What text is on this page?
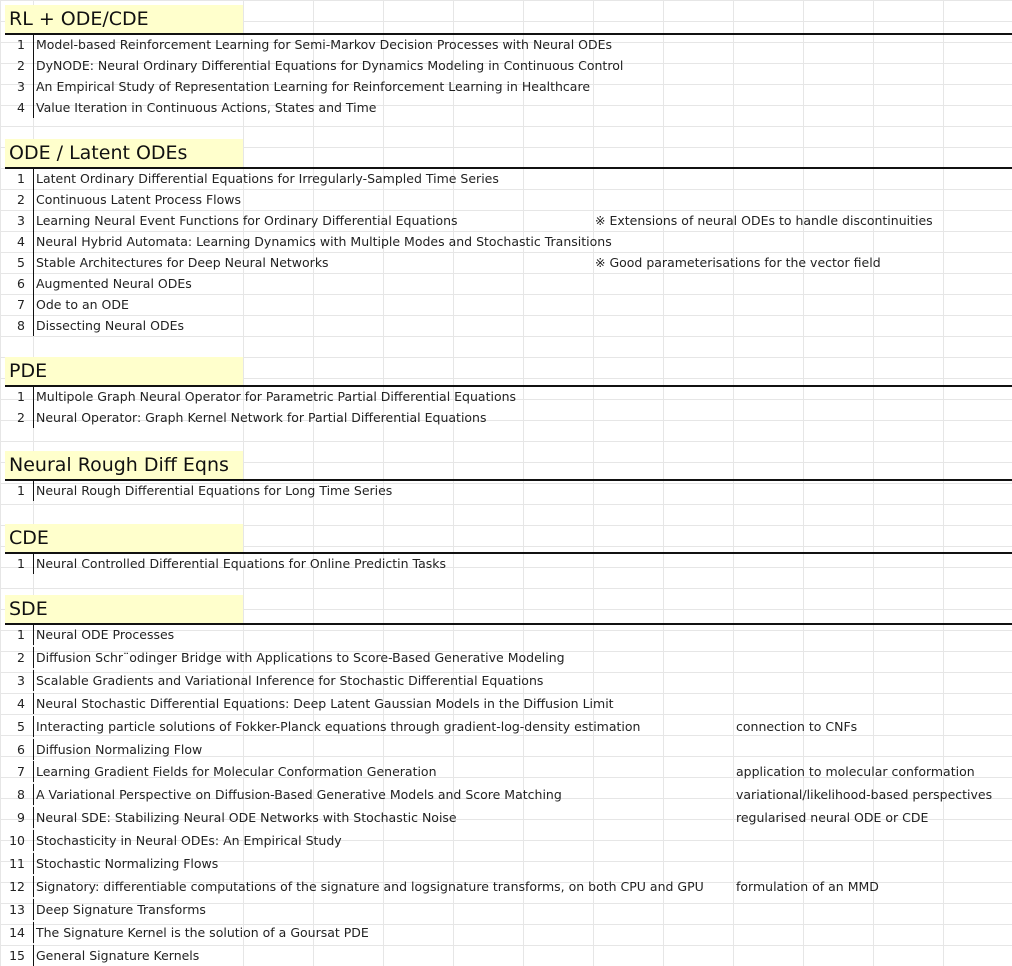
RL + ODE/CDE
1 Model-based Reinforcement Learning for Semi-Markov Decision Processes with Neural ODEs
2 DyNODE: Neural Ordinary Differential Equations for Dynamics Modeling in Continuous Control
3 An Empirical Study of Representation Learning for Reinforcement Learning in Healthcare
4 Value Iteration in Continuous Actions, States and Time
ODE / Latent ODEs
1 Latent Ordinary Differential Equations for Irregularly-Sampled Time Series
2 Continuous Latent Process Flows
3 Learning Neural Event Functions for Ordinary Differential Equations	※ Extensions of neural ODEs to handle discontinuities
4 Neural Hybrid Automata: Learning Dynamics with Multiple Modes and Stochastic Transitions
5 Stable Architectures for Deep Neural Networks	※ Good parameterisations for the vector field
6 Augmented Neural ODEs
7 Ode to an ODE
8 Dissecting Neural ODEs
PDE
1 Multipole Graph Neural Operator for Parametric Partial Differential Equations
2 Neural Operator: Graph Kernel Network for Partial Differential Equations
Neural Rough Diff Eqns
1 Neural Rough Differential Equations for Long Time Series
CDE
1 Neural Controlled Differential Equations for Online Predictin Tasks
SDE
1 Neural ODE Processes
2 Diffusion Schr¨odinger Bridge with Applications to Score-Based Generative Modeling
3 Scalable Gradients and Variational Inference for Stochastic Differential Equations
4 Neural Stochastic Differential Equations: Deep Latent Gaussian Models in the Diffusion Limit
5 Interacting particle solutions of Fokker-Planck equations through gradient-log-density estimation	connection to CNFs
6 Diffusion Normalizing Flow
7 Learning Gradient Fields for Molecular Conformation Generation	application to molecular conformation
8 A Variational Perspective on Diffusion-Based Generative Models and Score Matching	variational/likelihood-based perspectives
9 Neural SDE: Stabilizing Neural ODE Networks with Stochastic Noise	regularised neural ODE or CDE
10 Stochasticity in Neural ODEs: An Empirical Study
11 Stochastic Normalizing Flows
12 Signatory: differentiable computations of the signature and logsignature transforms, on both CPU and GPU	formulation of an MMD
13 Deep Signature Transforms
14 The Signature Kernel is the solution of a Goursat PDE
15 General Signature Kernels
